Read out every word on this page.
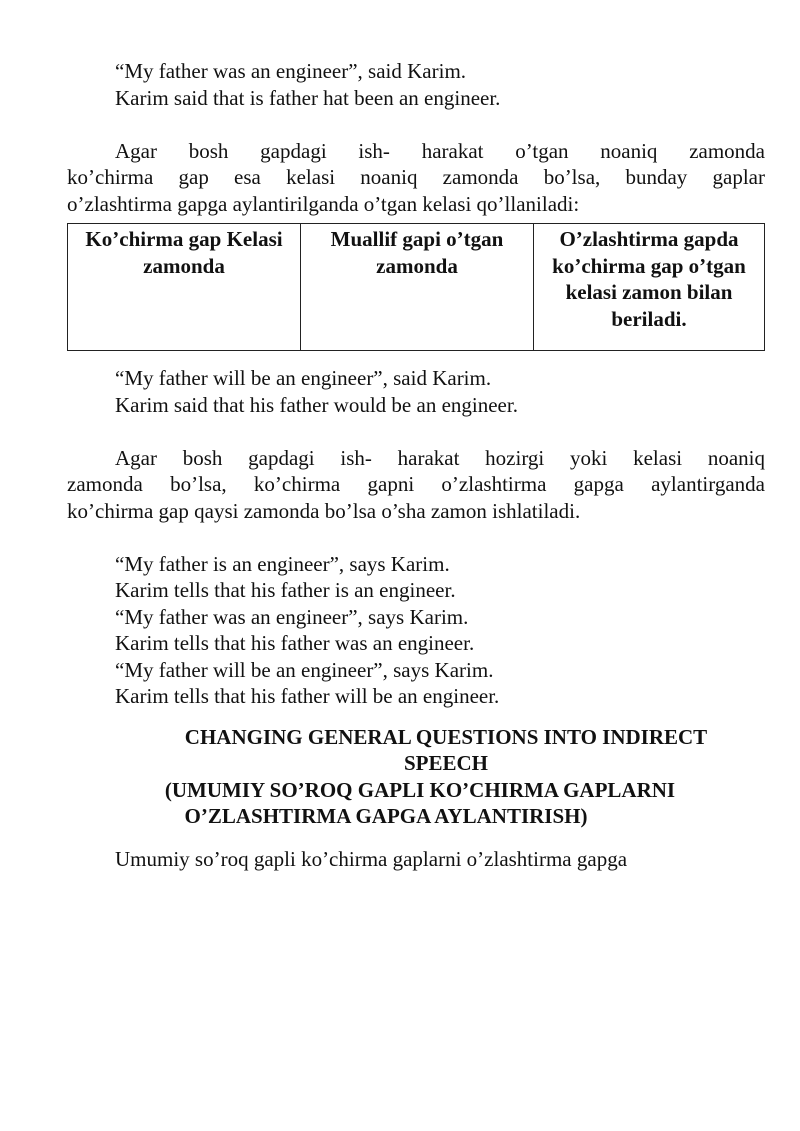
“My father was an engineer”, said Karim.
Karim said that is father hat been an engineer.
Agar bosh gapdagi ish- harakat o’tgan noaniq zamonda
ko’chirma gap esa kelasi noaniq zamonda bo’lsa, bunday gaplar
o’zlashtirma gapga aylantirilganda o’tgan kelasi qo’llaniladi:
Ko’chirma gap Kelasi zamonda	Muallif gapi o’tgan zamonda	O’zlashtirma gapda ko’chirma gap o’tgan kelasi zamon bilan beriladi.
“My father will be an engineer”, said Karim.
Karim said that his father would be an engineer.
Agar bosh gapdagi ish- harakat hozirgi yoki kelasi noaniq
zamonda bo’lsa, ko’chirma gapni o’zlashtirma gapga aylantirganda
ko’chirma gap qaysi zamonda bo’lsa o’sha zamon ishlatiladi.
“My father is an engineer”, says Karim.
Karim tells that his father is an engineer.
“My father was an engineer”, says Karim.
Karim tells that his father was an engineer.
“My father will be an engineer”, says Karim.
Karim tells that his father will be an engineer.
CHANGING GENERAL QUESTIONS INTO INDIRECT
SPEECH
(UMUMIY SO’ROQ GAPLI KO’CHIRMA GAPLARNI
O’ZLASHTIRMA GAPGA AYLANTIRISH)
Umumiy so’roq gapli ko’chirma gaplarni o’zlashtirma gapga
